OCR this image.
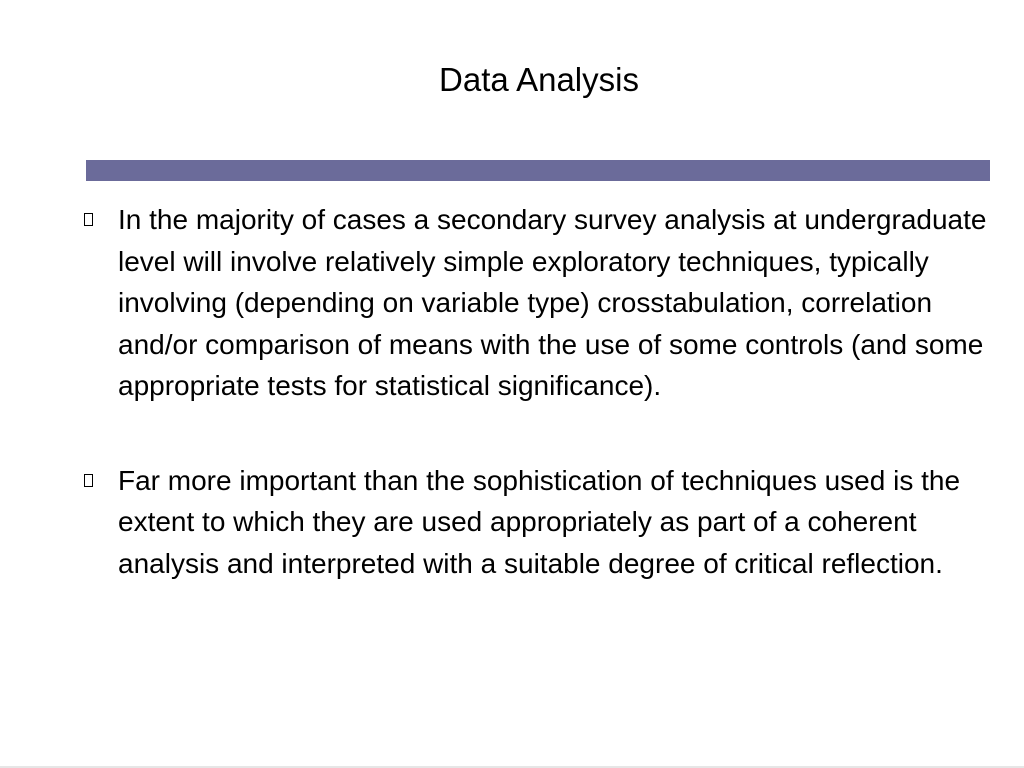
Data Analysis
In the majority of cases a secondary survey analysis at undergraduate level will involve relatively simple exploratory techniques, typically involving (depending on variable type) crosstabulation, correlation and/or comparison of means with the use of some controls (and some appropriate tests for statistical significance).
Far more important than the sophistication of techniques used is the extent to which they are used appropriately as part of a coherent analysis and interpreted with a suitable degree of critical reflection.
